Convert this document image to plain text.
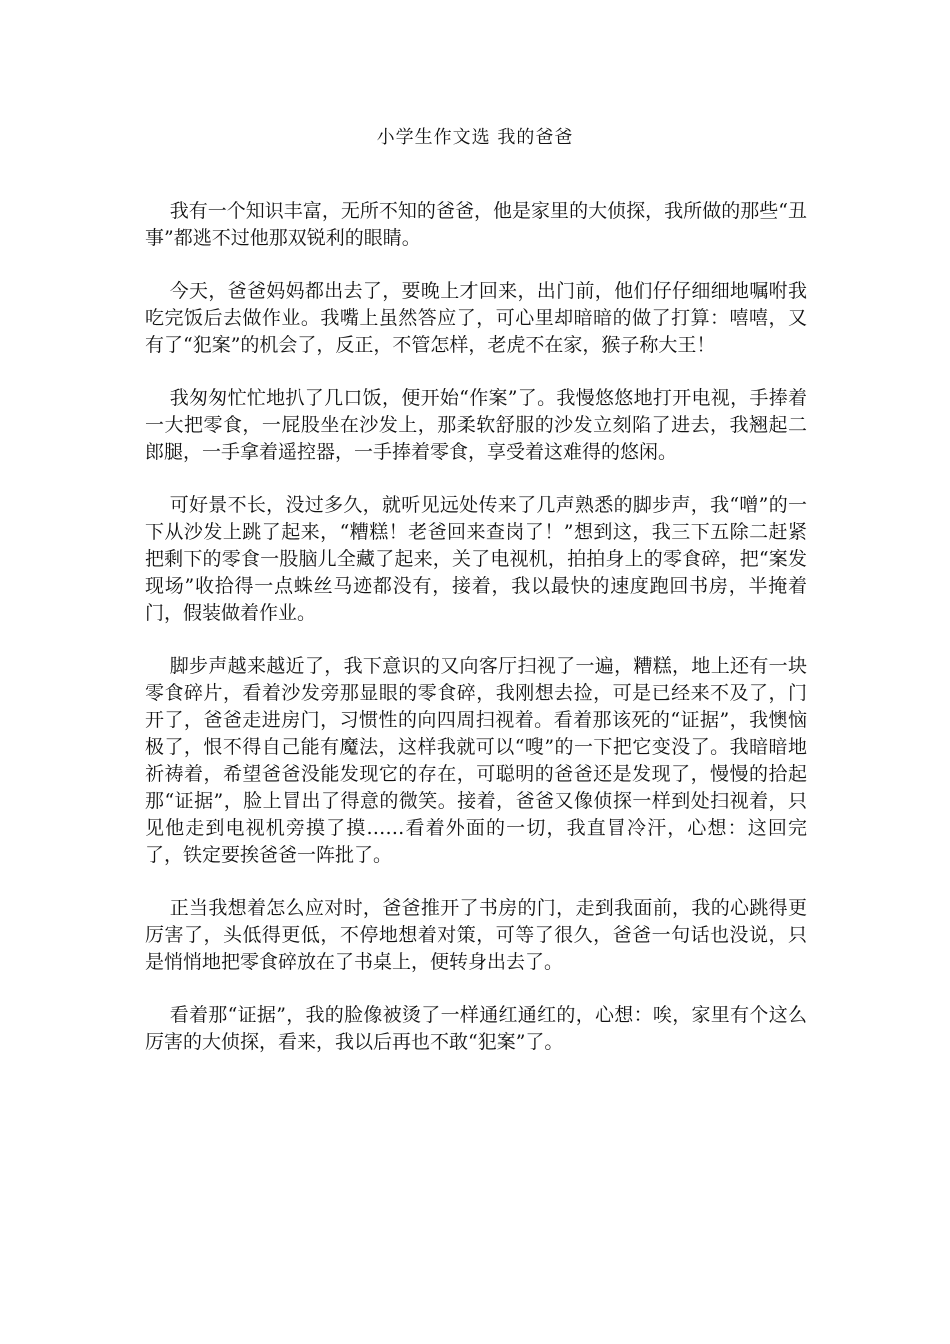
小学生作文选 我的爸爸

我有一个知识丰富，无所不知的爸爸，他是家里的大侦探，我所做的那些“丑事”都逃不过他那双锐利的眼睛。

今天，爸爸妈妈都出去了，要晚上才回来，出门前，他们仔仔细细地嘱咐我吃完饭后去做作业。我嘴上虽然答应了，可心里却暗暗的做了打算：嘻嘻，又有了“犯案”的机会了，反正，不管怎样，老虎不在家，猴子称大王！

我匆匆忙忙地扒了几口饭，便开始“作案”了。我慢悠悠地打开电视，手捧着一大把零食，一屁股坐在沙发上，那柔软舒服的沙发立刻陷了进去，我翘起二郎腿，一手拿着遥控器，一手捧着零食，享受着这难得的悠闲。

可好景不长，没过多久，就听见远处传来了几声熟悉的脚步声，我“噌”的一下从沙发上跳了起来，“糟糕！老爸回来查岗了！”想到这，我三下五除二赶紧把剩下的零食一股脑儿全藏了起来，关了电视机，拍拍身上的零食碎，把“案发现场”收拾得一点蛛丝马迹都没有，接着，我以最快的速度跑回书房，半掩着门，假装做着作业。

脚步声越来越近了，我下意识的又向客厅扫视了一遍，糟糕，地上还有一块零食碎片，看着沙发旁那显眼的零食碎，我刚想去捡，可是已经来不及了，门开了，爸爸走进房门，习惯性的向四周扫视着。看着那该死的“证据”，我懊恼极了，恨不得自己能有魔法，这样我就可以“嗖”的一下把它变没了。我暗暗地祈祷着，希望爸爸没能发现它的存在，可聪明的爸爸还是发现了，慢慢的拾起那“证据”，脸上冒出了得意的微笑。接着，爸爸又像侦探一样到处扫视着，只见他走到电视机旁摸了摸……看着外面的一切，我直冒冷汗，心想：这回完了，铁定要挨爸爸一阵批了。

正当我想着怎么应对时，爸爸推开了书房的门，走到我面前，我的心跳得更厉害了，头低得更低，不停地想着对策，可等了很久，爸爸一句话也没说，只是悄悄地把零食碎放在了书桌上，便转身出去了。

看着那“证据”，我的脸像被烫了一样通红通红的，心想：唉，家里有个这么厉害的大侦探，看来，我以后再也不敢“犯案”了。
